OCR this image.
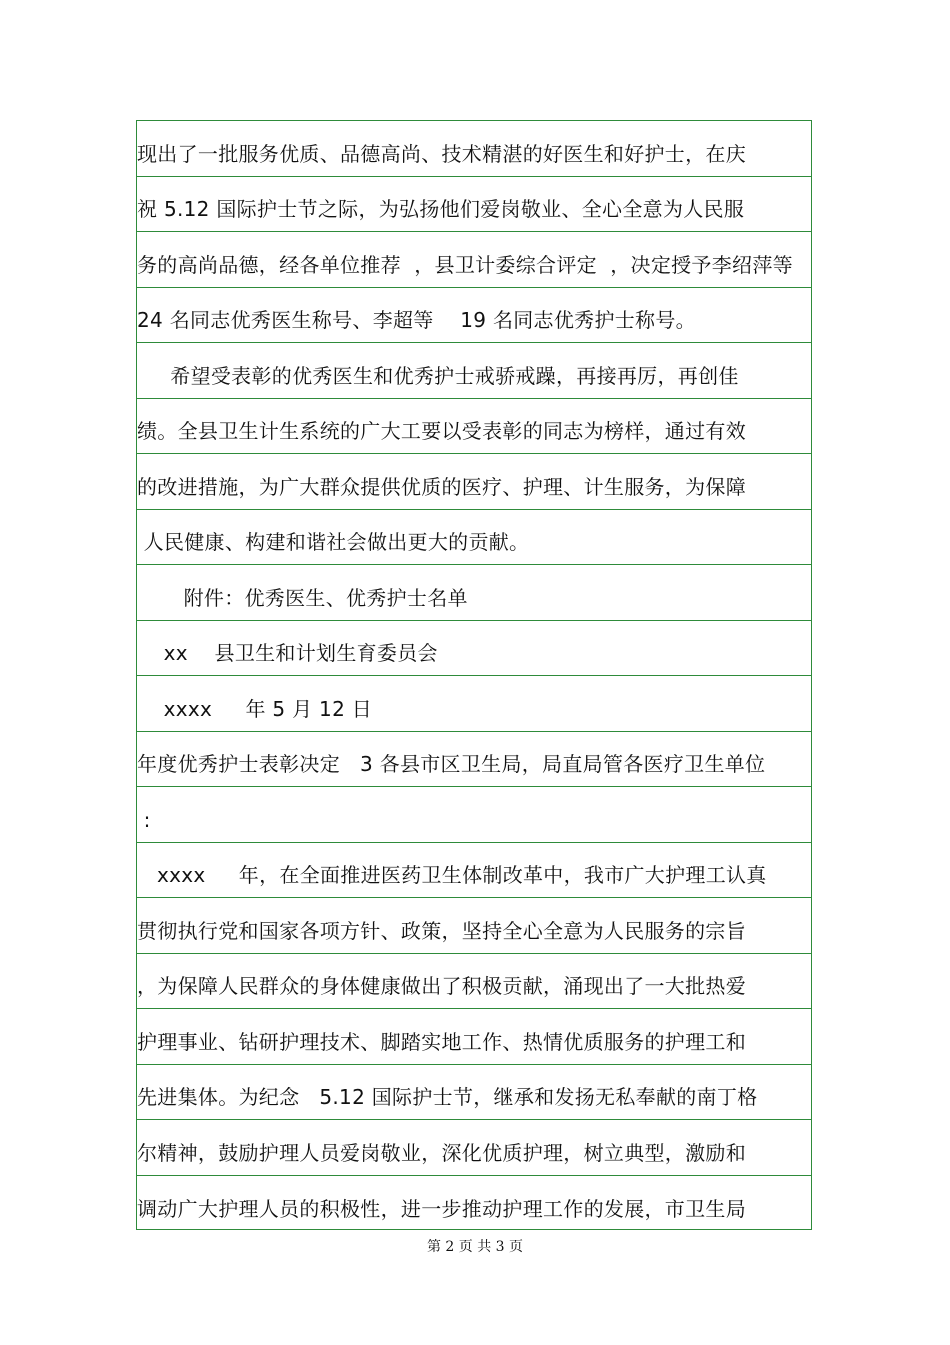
现出了一批服务优质、品德高尚、技术精湛的好医生和好护士，在庆
祝 5.12 国际护士节之际，为弘扬他们爱岗敬业、全心全意为人民服
务的高尚品德，经各单位推荐  ，县卫计委综合评定  ，决定授予李绍萍等
24 名同志优秀医生称号、李超等    19 名同志优秀护士称号。
希望受表彰的优秀医生和优秀护士戒骄戒躁，再接再厉，再创佳
绩。全县卫生计生系统的广大工要以受表彰的同志为榜样，通过有效
的改进措施，为广大群众提供优质的医疗、护理、计生服务，为保障
人民健康、构建和谐社会做出更大的贡献。
附件：优秀医生、优秀护士名单
xx    县卫生和计划生育委员会
xxxx     年 5 月 12 日
年度优秀护士表彰决定   3 各县市区卫生局，局直局管各医疗卫生单位
:
xxxx     年，在全面推进医药卫生体制改革中，我市广大护理工认真
贯彻执行党和国家各项方针、政策，坚持全心全意为人民服务的宗旨
，为保障人民群众的身体健康做出了积极贡献，涌现出了一大批热爱
护理事业、钻研护理技术、脚踏实地工作、热情优质服务的护理工和
先进集体。为纪念   5.12 国际护士节，继承和发扬无私奉献的南丁格
尔精神，鼓励护理人员爱岗敬业，深化优质护理，树立典型，激励和
调动广大护理人员的积极性，进一步推动护理工作的发展，市卫生局
第 2 页 共 3 页
